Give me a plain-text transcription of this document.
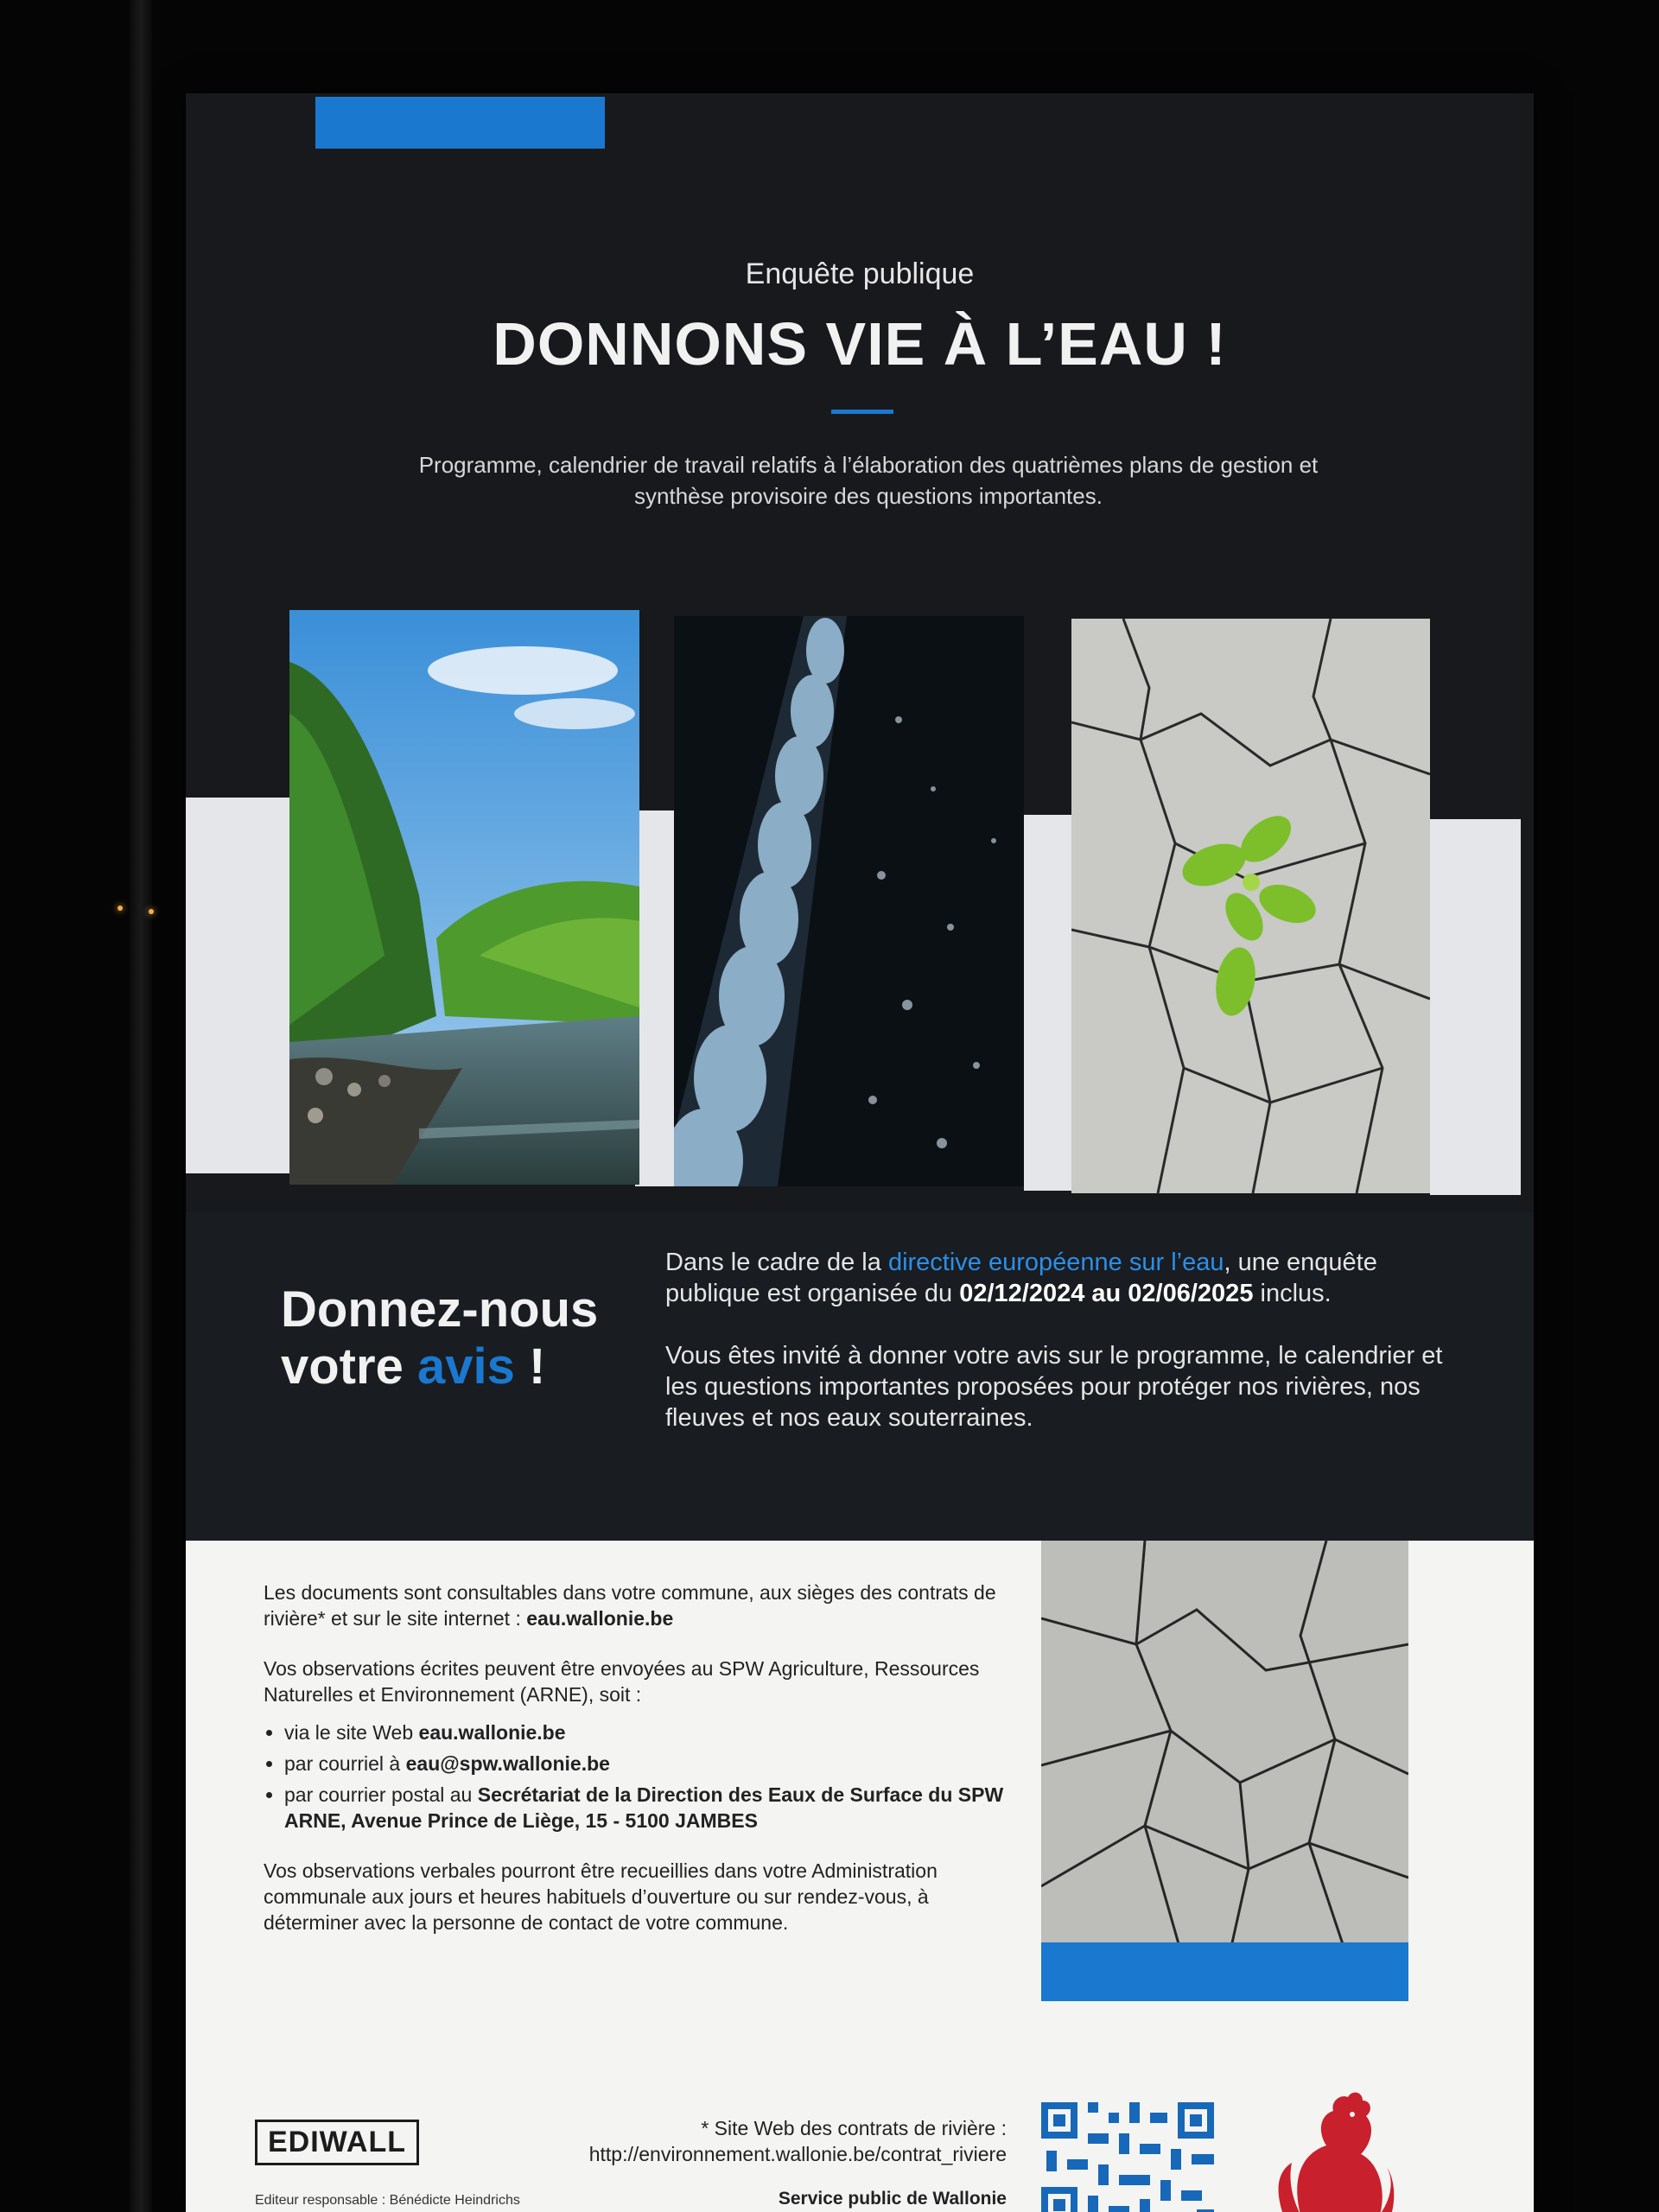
Enquête publique
DONNONS VIE À L’EAU !
Programme, calendrier de travail relatifs à l’élaboration des quatrièmes plans de gestion et synthèse provisoire des questions importantes.
Donnez-nous
votre avis !

Dans le cadre de la directive européenne sur l’eau, une enquête publique est organisée du 02/12/2024 au 02/06/2025 inclus.

Vous êtes invité à donner votre avis sur le programme, le calendrier et les questions importantes proposées pour protéger nos rivières, nos fleuves et nos eaux souterraines.

Les documents sont consultables dans votre commune, aux sièges des contrats de rivière* et sur le site internet : eau.wallonie.be

Vos observations écrites peuvent être envoyées au SPW Agriculture, Ressources Naturelles et Environnement (ARNE), soit :

• via le site Web eau.wallonie.be
• par courriel à eau@spw.wallonie.be
• par courrier postal au Secrétariat de la Direction des Eaux de Surface du SPW ARNE, Avenue Prince de Liège, 15 - 5100 JAMBES

Vos observations verbales pourront être recueillies dans votre Administration communale aux jours et heures habituels d’ouverture ou sur rendez-vous, à déterminer avec la personne de contact de votre commune.

EDIWALL
Editeur responsable : Bénédicte Heindrichs
* Site Web des contrats de rivière :
http://environnement.wallonie.be/contrat_riviere
Service public de Wallonie
